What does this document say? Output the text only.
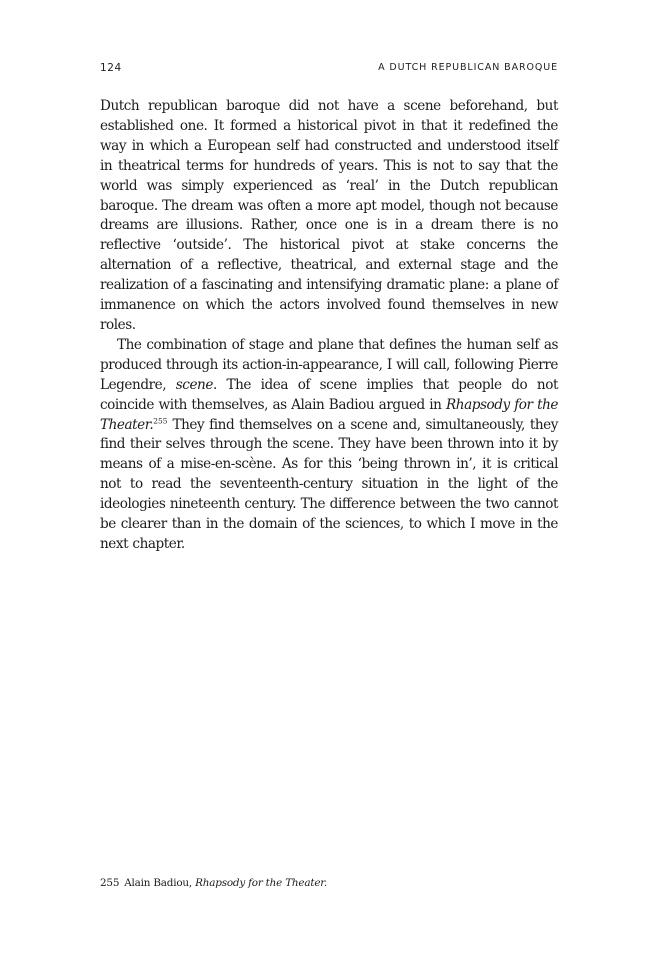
124	A DUTCH REPUBLICAN BAROQUE

Dutch republican baroque did not have a scene beforehand, but established one. It formed a historical pivot in that it redefined the way in which a European self had constructed and understood itself in theatrical terms for hundreds of years. This is not to say that the world was simply experienced as ‘real’ in the Dutch republican baroque. The dream was often a more apt model, though not because dreams are illusions. Rather, once one is in a dream there is no reflective ‘outside’. The historical pivot at stake concerns the alternation of a reflective, theatrical, and external stage and the realization of a fascinating and intensifying dramatic plane: a plane of immanence on which the actors involved found themselves in new roles.

The combination of stage and plane that defines the human self as produced through its action-in-appearance, I will call, following Pierre Legendre, scene. The idea of scene implies that people do not coincide with themselves, as Alain Badiou argued in Rhapsody for the Theater.$^{255}$ They find themselves on a scene and, simultaneously, they find their selves through the scene. They have been thrown into it by means of a mise-en-scène. As for this ‘being thrown in’, it is critical not to read the seventeenth-century situation in the light of the ideologies nineteenth century. The difference between the two cannot be clearer than in the domain of the sciences, to which I move in the next chapter.

255 Alain Badiou, Rhapsody for the Theater.
